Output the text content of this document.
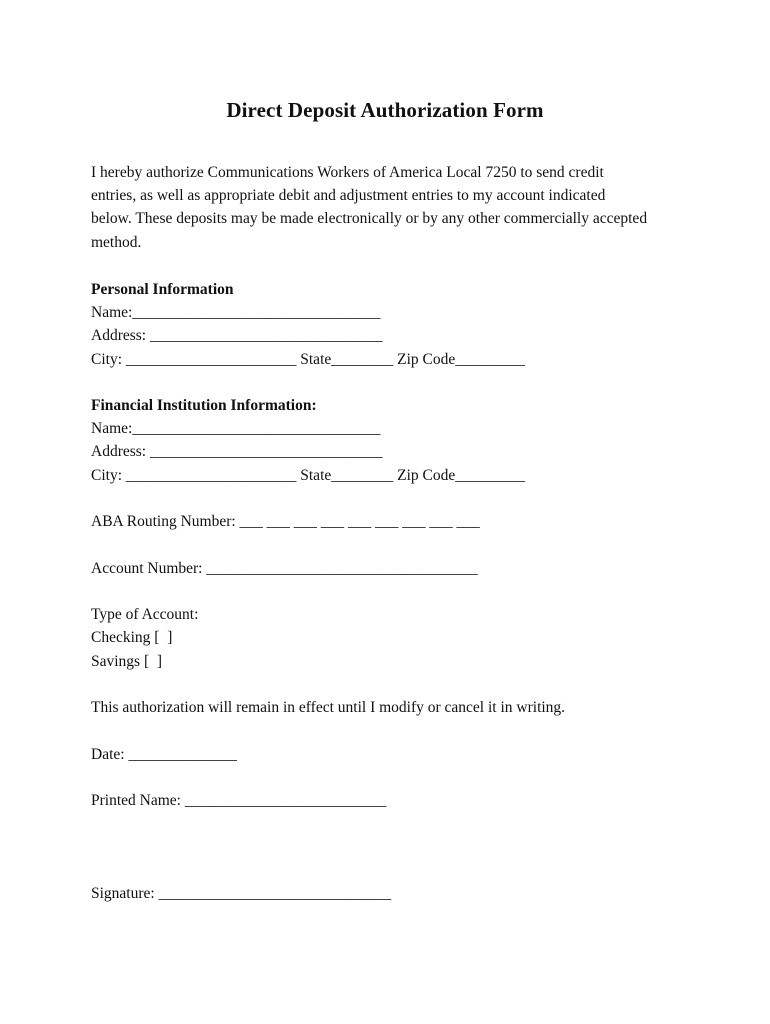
Direct Deposit Authorization Form
I hereby authorize Communications Workers of America Local 7250 to send credit
entries, as well as appropriate debit and adjustment entries to my account indicated
below. These deposits may be made electronically or by any other commercially accepted
method.
Personal Information
Name:________________________________
Address: ______________________________
City: ______________________ State________ Zip Code_________
Financial Institution Information:
Name:________________________________
Address: ______________________________
City: ______________________ State________ Zip Code_________
ABA Routing Number: ___ ___ ___ ___ ___ ___ ___ ___ ___
Account Number: ___________________________________
Type of Account:
Checking [  ]
Savings [  ]
This authorization will remain in effect until I modify or cancel it in writing.
Date: ______________
Printed Name: __________________________
Signature: ______________________________
